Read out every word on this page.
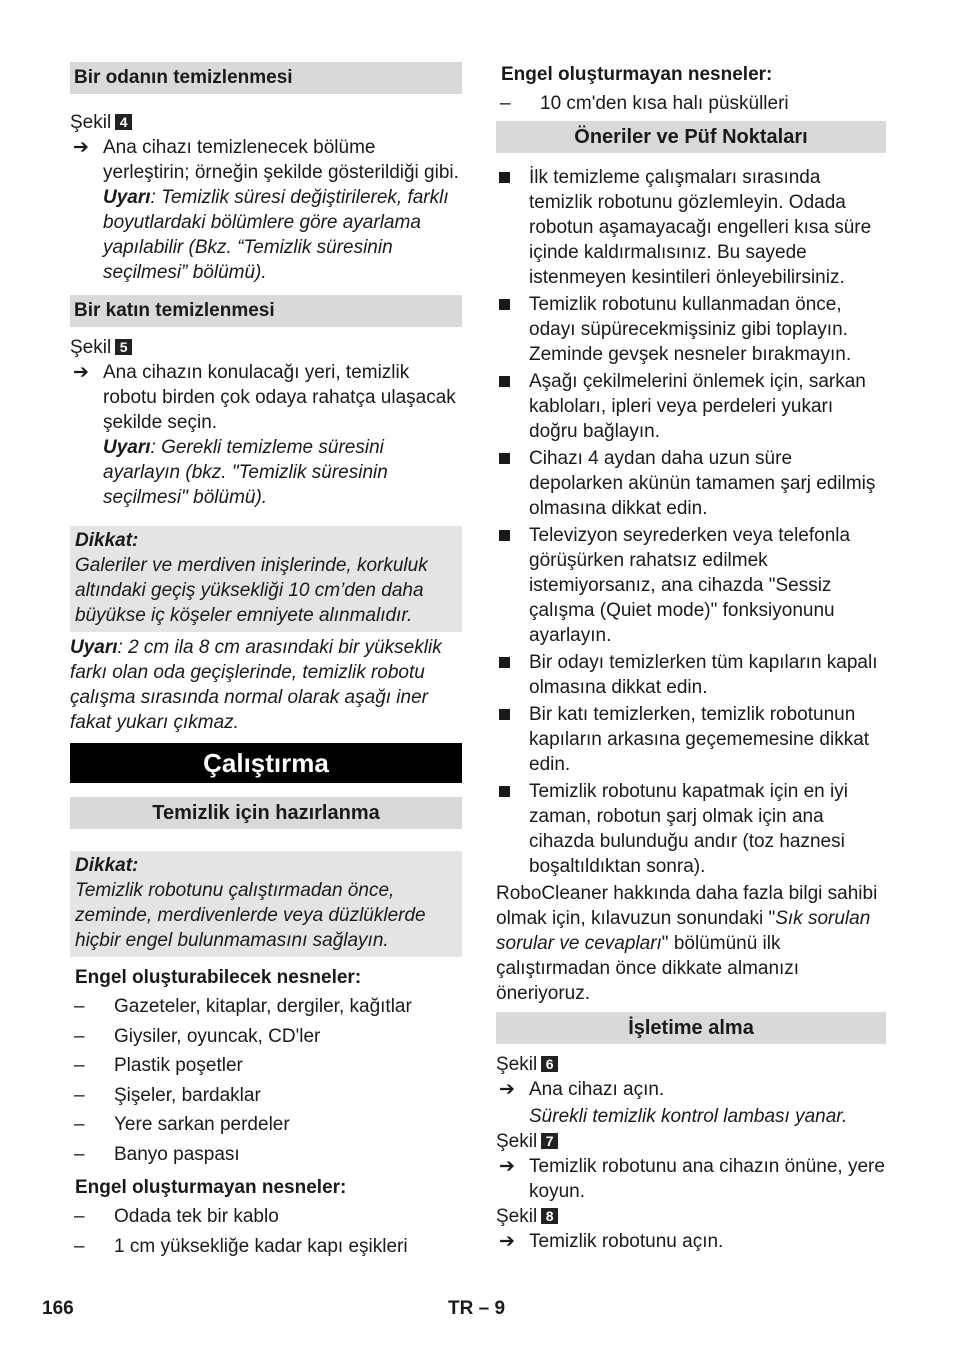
Bir odanın temizlenmesi
Şekil 4
➔ Ana cihazı temizlenecek bölüme yerleştirin; örneğin şekilde gösterildiği gibi.
Uyarı: Temizlik süresi değiştirilerek, farklı boyutlardaki bölümlere göre ayarlama yapılabilir (Bkz. “Temizlik süresinin seçilmesi” bölümü).
Bir katın temizlenmesi
Şekil 5
➔ Ana cihazın konulacağı yeri, temizlik robotu birden çok odaya rahatça ulaşacak şekilde seçin.
Uyarı: Gerekli temizleme süresini ayarlayın (bkz. "Temizlik süresinin seçilmesi" bölümü).
Dikkat:
Galeriler ve merdiven inişlerinde, korkuluk altındaki geçiş yüksekliği 10 cm’den daha büyükse iç köşeler emniyete alınmalıdır.
Uyarı: 2 cm ila 8 cm arasındaki bir yükseklik farkı olan oda geçişlerinde, temizlik robotu çalışma sırasında normal olarak aşağı iner fakat yukarı çıkmaz.
Çalıştırma
Temizlik için hazırlanma
Dikkat:
Temizlik robotunu çalıştırmadan önce, zeminde, merdivenlerde veya düzlüklerde hiçbir engel bulunmamasını sağlayın.
Engel oluşturabilecek nesneler:
– Gazeteler, kitaplar, dergiler, kağıtlar
– Giysiler, oyuncak, CD'ler
– Plastik poşetler
– Şişeler, bardaklar
– Yere sarkan perdeler
– Banyo paspası
Engel oluşturmayan nesneler:
– Odada tek bir kablo
– 1 cm yüksekliğe kadar kapı eşikleri
Engel oluşturmayan nesneler:
– 10 cm'den kısa halı püskülleri
Öneriler ve Püf Noktaları
İlk temizleme çalışmaları sırasında temizlik robotunu gözlemleyin. Odada robotun aşamayacağı engelleri kısa süre içinde kaldırmalısınız. Bu sayede istenmeyen kesintileri önleyebilirsiniz.
Temizlik robotunu kullanmadan önce, odayı süpürecekmişsiniz gibi toplayın. Zeminde gevşek nesneler bırakmayın.
Aşağı çekilmelerini önlemek için, sarkan kabloları, ipleri veya perdeleri yukarı doğru bağlayın.
Cihazı 4 aydan daha uzun süre depolarken akünün tamamen şarj edilmiş olmasına dikkat edin.
Televizyon seyrederken veya telefonla görüşürken rahatsız edilmek istemiyorsanız, ana cihazda "Sessiz çalışma (Quiet mode)" fonksiyonunu ayarlayın.
Bir odayı temizlerken tüm kapıların kapalı olmasına dikkat edin.
Bir katı temizlerken, temizlik robotunun kapıların arkasına geçememesine dikkat edin.
Temizlik robotunu kapatmak için en iyi zaman, robotun şarj olmak için ana cihazda bulunduğu andır (toz haznesi boşaltıldıktan sonra).
RoboCleaner hakkında daha fazla bilgi sahibi olmak için, kılavuzun sonundaki "Sık sorulan sorular ve cevapları" bölümünü ilk çalıştırmadan önce dikkate almanızı öneriyoruz.
İşletime alma
Şekil 6
➔ Ana cihazı açın.
Sürekli temizlik kontrol lambası yanar.
Şekil 7
➔ Temizlik robotunu ana cihazın önüne, yere koyun.
Şekil 8
➔ Temizlik robotunu açın.
166	TR – 9
